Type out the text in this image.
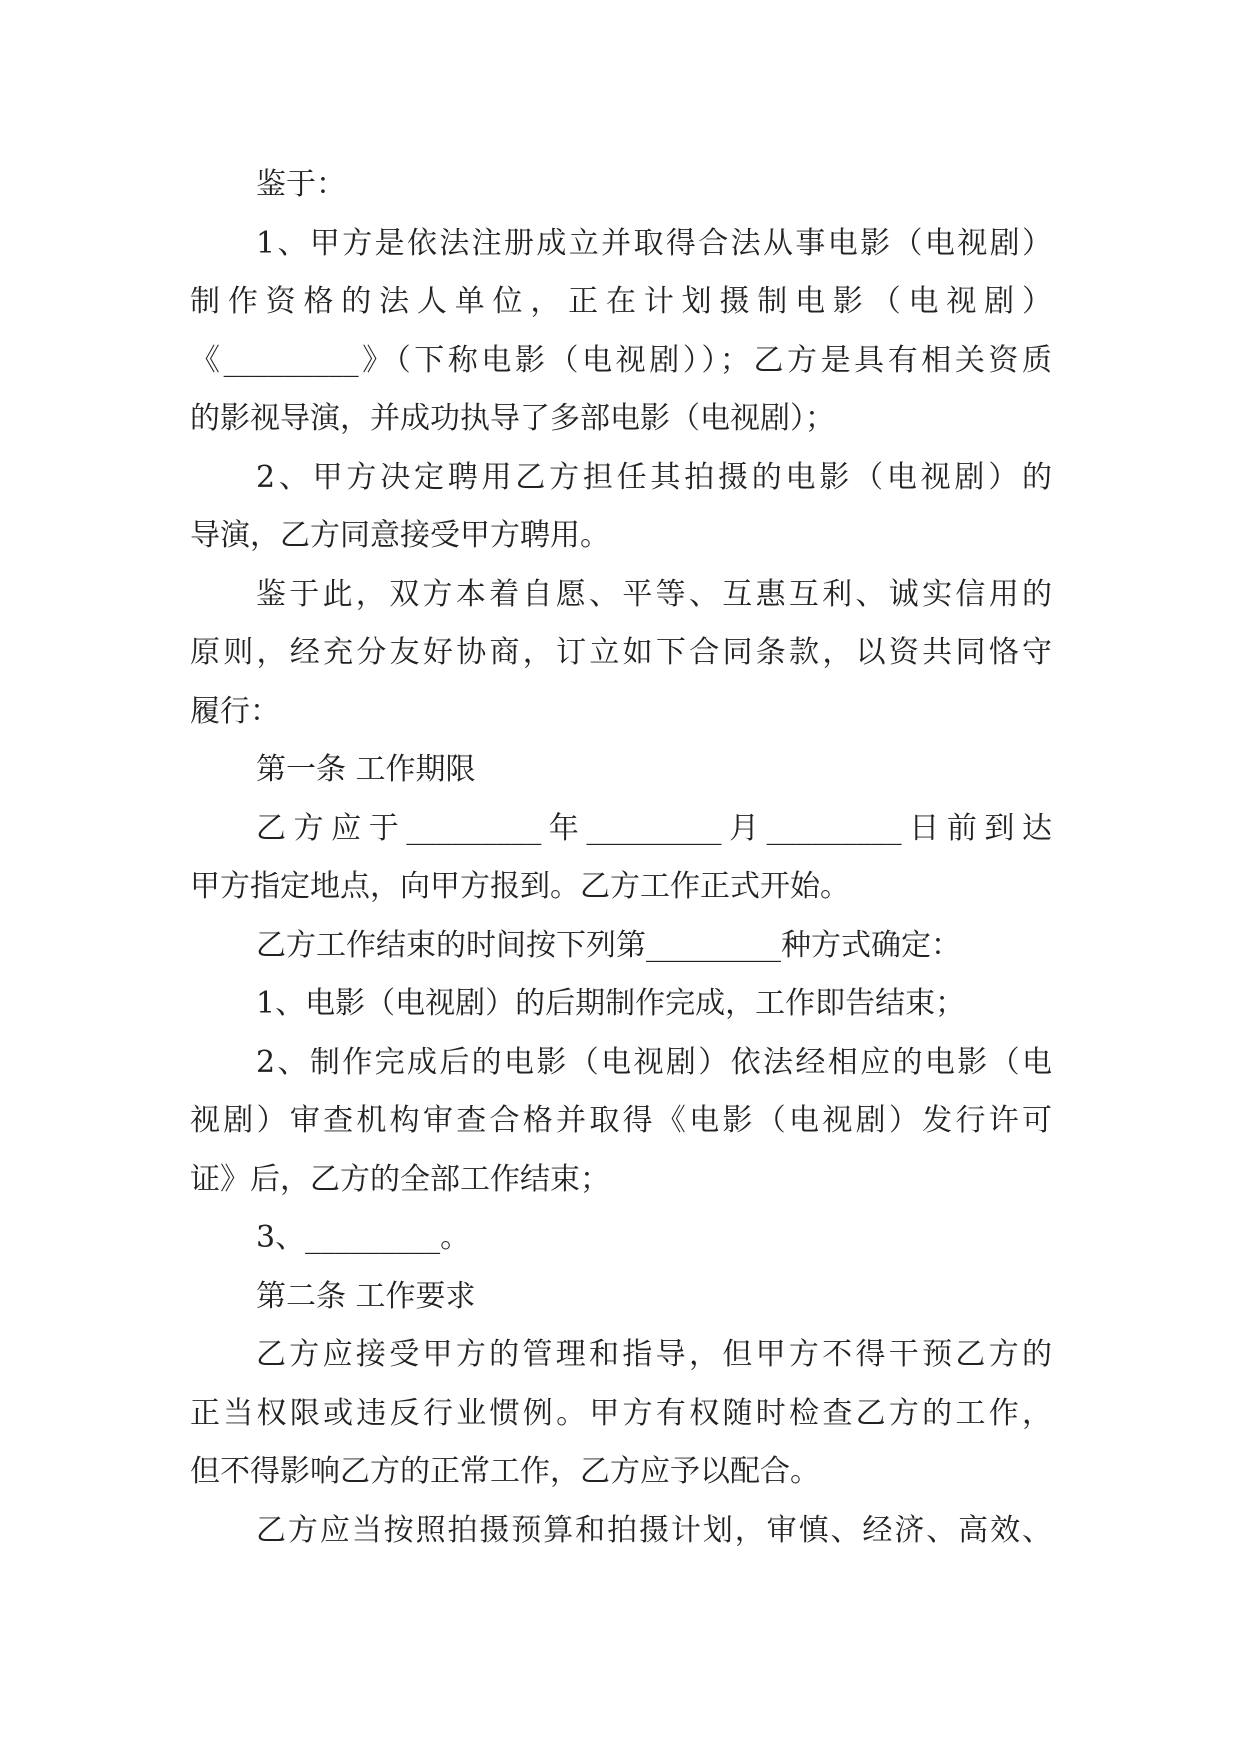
鉴于：
1、甲方是依法注册成立并取得合法从事电影（电视剧）
制作资格的法人单位，正在计划摄制电影（电视剧）
《_________》（下称电影（电视剧））；乙方是具有相关资质
的影视导演，并成功执导了多部电影（电视剧）；
2、甲方决定聘用乙方担任其拍摄的电影（电视剧）的
导演，乙方同意接受甲方聘用。
鉴于此，双方本着自愿、平等、互惠互利、诚实信用的
原则，经充分友好协商，订立如下合同条款，以资共同恪守
履行：
第一条 工作期限
乙方应于_________年_________月_________日前到达
甲方指定地点，向甲方报到。乙方工作正式开始。
乙方工作结束的时间按下列第_________种方式确定：
1、电影（电视剧）的后期制作完成，工作即告结束；
2、制作完成后的电影（电视剧）依法经相应的电影（电
视剧）审查机构审查合格并取得《电影（电视剧）发行许可
证》后，乙方的全部工作结束；
3、_________。
第二条 工作要求
乙方应接受甲方的管理和指导，但甲方不得干预乙方的
正当权限或违反行业惯例。甲方有权随时检查乙方的工作，
但不得影响乙方的正常工作，乙方应予以配合。
乙方应当按照拍摄预算和拍摄计划，审慎、经济、高效、
